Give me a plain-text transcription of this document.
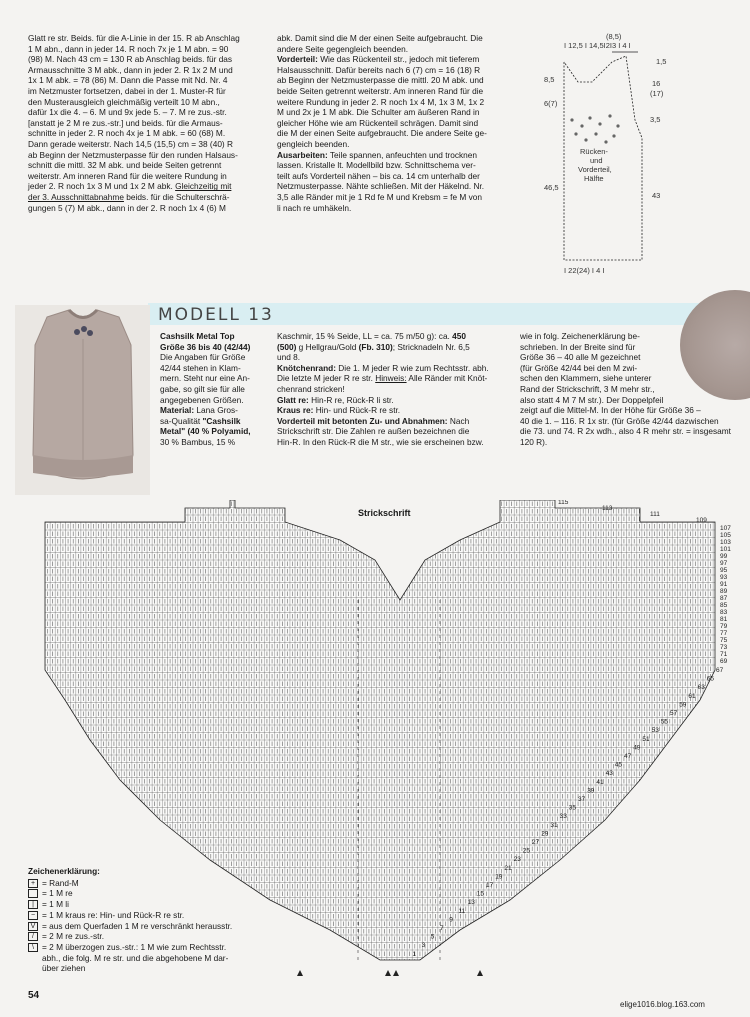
Glatt re str. Beids. für die A-Linie in der 15. R ab Anschlag

1 M abn., dann in jeder 14. R noch 7x je 1 M abn. = 90

(98) M. Nach 43 cm = 130 R ab Anschlag beids. für das

Armausschnitte 3 M abk., dann in jeder 2. R 1x 2 M und

1x 1 M abk. = 78 (86) M. Dann die Passe mit Nd. Nr. 4

im Netzmuster fortsetzen, dabei in der 1. Muster-R für

den Musterausgleich gleichmäßig verteilt 10 M abn.,

dafür 1x die 4. – 6. M und 9x jede 5. – 7. M re zus.-str.

[anstatt je 2 M re zus.-str.] und beids. für die Armaus-

schnitte in jeder 2. R noch 4x je 1 M abk. = 60 (68) M.

Dann gerade weiterstr. Nach 14,5 (15,5) cm = 38 (40) R

ab Beginn der Netzmusterpasse für den runden Halsaus-

schnitt die mittl. 32 M abk. und beide Seiten getrennt

weiterstr. Am inneren Rand für die weitere Rundung in

jeder 2. R noch 1x 3 M und 1x 2 M abk. Gleichzeitig mit

der 3. Ausschnittabnahme beids. für die Schulterschrä-

gungen 5 (7) M abk., dann in der 2. R noch 1x 4 (6) M

abk. Damit sind die M der einen Seite aufgebraucht. Die

andere Seite gegengleich beenden.

Vorderteil: Wie das Rückenteil str., jedoch mit tieferem

Halsausschnitt. Dafür bereits nach 6 (7) cm = 16 (18) R

ab Beginn der Netzmusterpasse die mittl. 20 M abk. und

beide Seiten getrennt weiterstr. Am inneren Rand für die

weitere Rundung in jeder 2. R noch 1x 4 M, 1x 3 M, 1x 2

M und 2x je 1 M abk. Die Schulter am äußeren Rand in

gleicher Höhe wie am Rückenteil schrägen. Damit sind

die M der einen Seite aufgebraucht. Die andere Seite ge-

gengleich beenden.

Ausarbeiten: Teile spannen, anfeuchten und trocknen

lassen. Kristalle lt. Modellbild bzw. Schnittschema ver-

teilt aufs Vorderteil nähen – bis ca. 14 cm unterhalb der

Netzmusterpasse. Nähte schließen. Mit der Häkelnd. Nr.

3,5 alle Ränder mit je 1 Rd fe M und Krebsm = fe M von

li nach re umhäkeln.

(8,5)
I 12,5 I 14,5I2I3 I 4 I
8,5
6(7)
1,5
16
(17)
3,5
43
46,5
I 22(24) I 4 I
Rücken-
und
Vorderteil,
Hälfte
MODELL 13

Cashsilk Metal Top

Größe 36 bis 40 (42/44)

Die Angaben für Größe

42/44 stehen in Klam-

mern. Steht nur eine An-

gabe, so gilt sie für alle

angegebenen Größen.

Material: Lana Gros-

sa-Qualität "Cashsilk

Metal" (40 % Polyamid,

30 % Bambus, 15 %

Kaschmir, 15 % Seide, LL = ca. 75 m/50 g): ca. 450

(500) g Hellgrau/Gold (Fb. 310); Stricknadeln Nr. 6,5

und 8.

Knötchenrand: Die 1. M jeder R wie zum Rechtsstr. abh.

Die letzte M jeder R re str. Hinweis: Alle Ränder mit Knöt-

chenrand stricken!

Glatt re: Hin-R re, Rück-R li str.

Kraus re: Hin- und Rück-R re str.

Vorderteil mit betonten Zu- und Abnahmen: Nach

Strickschrift str. Die Zahlen re außen bezeichnen die

Hin-R. In den Rück-R die M str., wie sie erscheinen bzw.

wie in folg. Zeichenerklärung be-

schrieben. In der Breite sind für

Größe 36 – 40 alle M gezeichnet

(für Größe 42/44 bei den M zwi-

schen den Klammern, siehe unterer

Rand der Strickschrift, 3 M mehr str.,

also statt 4 M 7 M str.). Der Doppelpfeil

zeigt auf die Mittel-M. In der Höhe für Größe 36 –

40 die 1. – 116. R 1x str. (für Größe 42/44 dazwischen

die 73. und 74. R 2x wdh., also 4 R mehr str. = insgesamt

120 R).

Strickschrift
115
113
111
109
107
105
103
101
99
97
95
93
91
89
87
85
83
81
79
77
75
73
71
69
67
65
63
61
59
57
55
53
51
49
47
45
43
41
39
37
35
33
31
29
27
25
23
21
19
17
15
13
11
9
7
5
3
1
Zeichenerklärung:
+ = Rand-M
= 1 M re
| = 1 M li
− = 1 M kraus re: Hin- und Rück-R re str.
V = aus dem Querfaden 1 M re verschränkt herausstr.
/ = 2 M re zus.-str.
\ = 2 M überzogen zus.-str.: 1 M wie zum Rechtsstr.
abh., die folg. M re str. und die abgehobene M dar-
über ziehen
54
elige1016.blog.163.com
